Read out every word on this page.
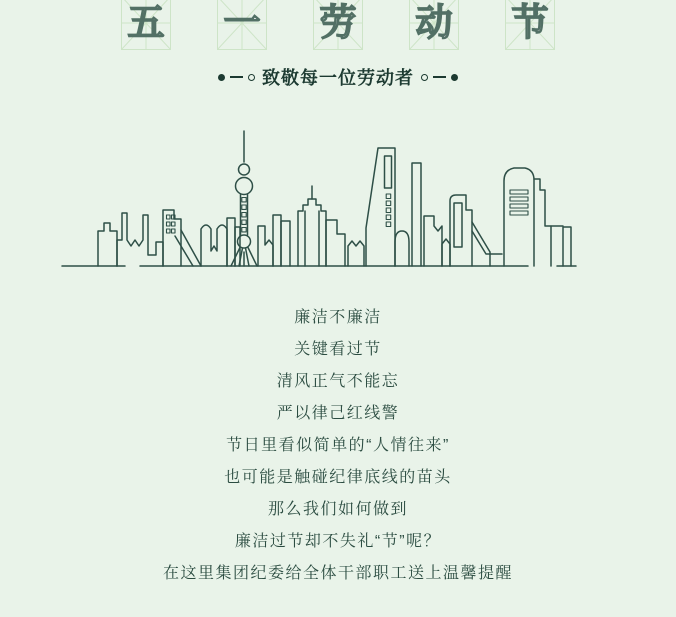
五 一 劳 动 节
致敬每一位劳动者

廉洁不廉洁

关键看过节

清风正气不能忘

严以律己红线警

节日里看似简单的“人情往来”

也可能是触碰纪律底线的苗头

那么我们如何做到

廉洁过节却不失礼“节”呢？

在这里集团纪委给全体干部职工送上温馨提醒
